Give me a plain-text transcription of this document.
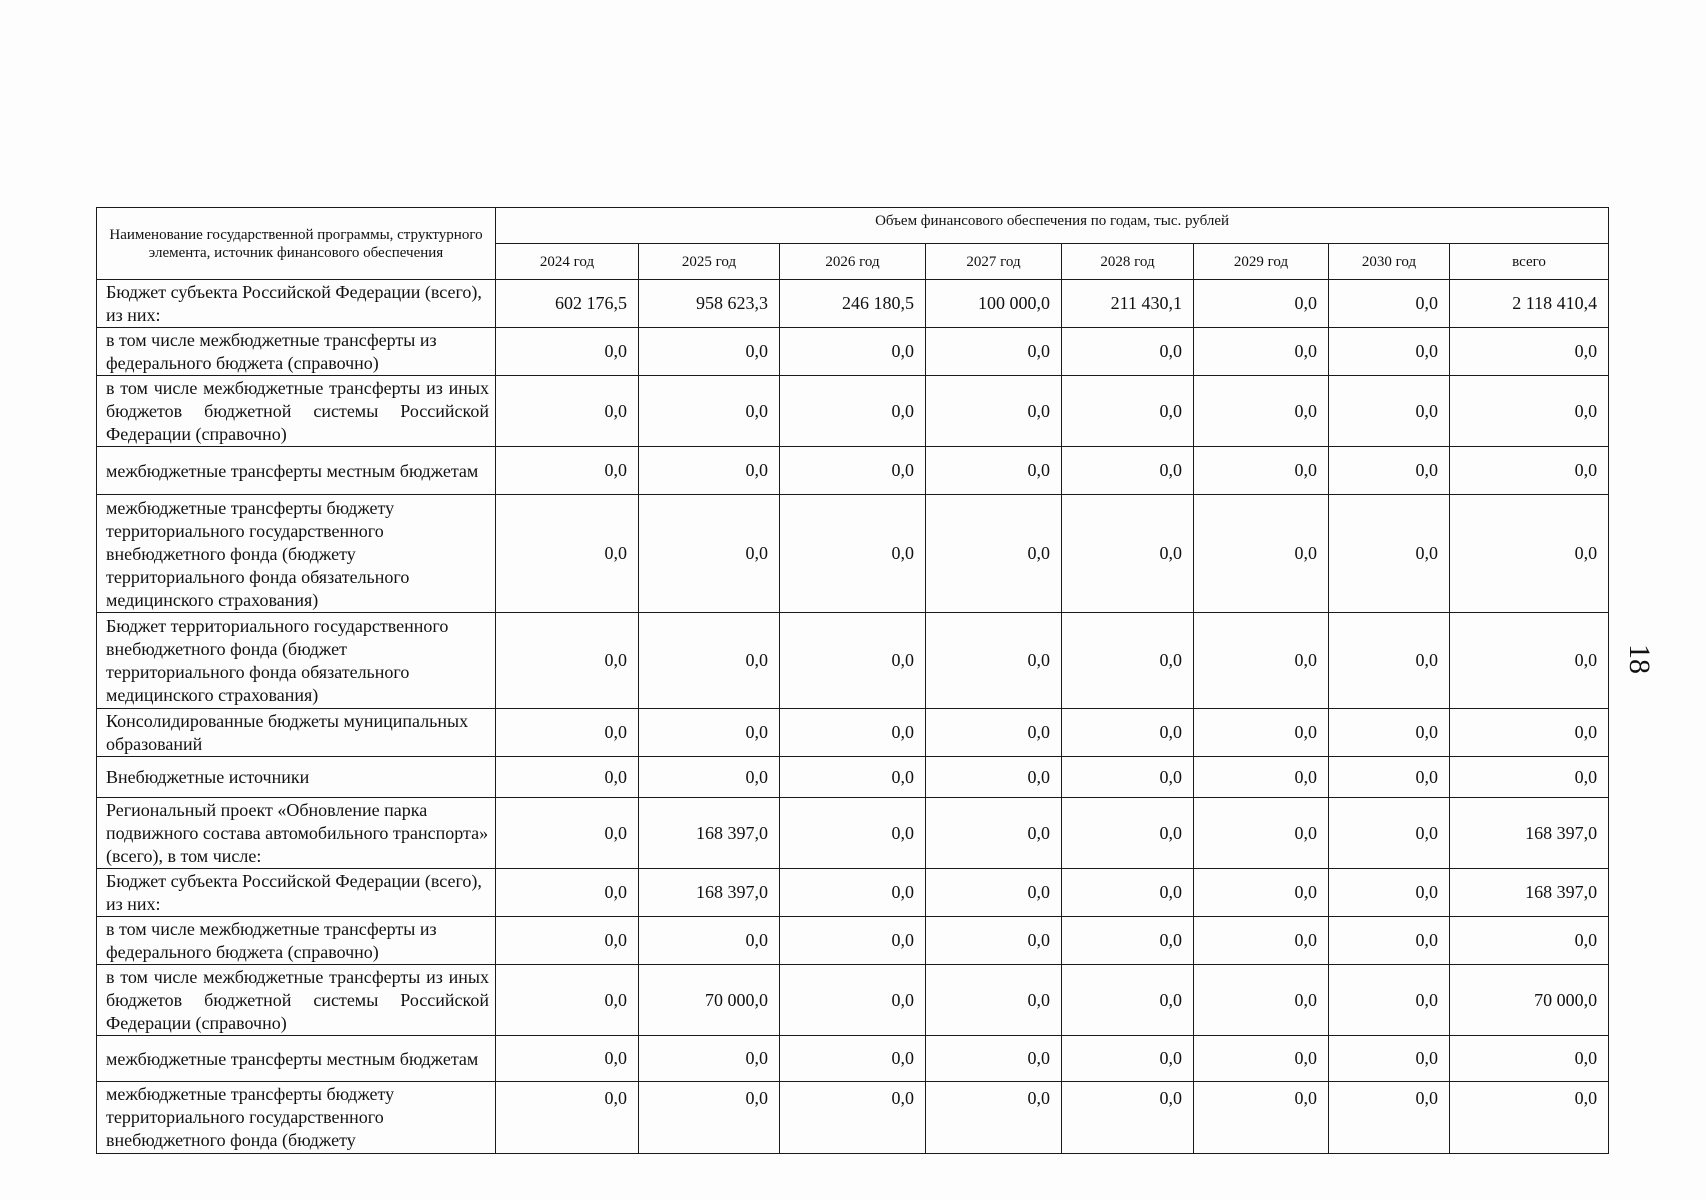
Наименование государственной программы, структурного элемента, источник финансового обеспечения	Объем финансового обеспечения по годам, тыс. рублей							
	2024 год	2025 год	2026 год	2027 год	2028 год	2029 год	2030 год	всего
Бюджет субъекта Российской Федерации (всего), из них:	602 176,5	958 623,3	246 180,5	100 000,0	211 430,1	0,0	0,0	2 118 410,4
в том числе межбюджетные трансферты из федерального бюджета (справочно)	0,0	0,0	0,0	0,0	0,0	0,0	0,0	0,0
в том числе межбюджетные трансферты из иных бюджетов бюджетной системы Российской Федерации (справочно)	0,0	0,0	0,0	0,0	0,0	0,0	0,0	0,0
межбюджетные трансферты местным бюджетам	0,0	0,0	0,0	0,0	0,0	0,0	0,0	0,0
межбюджетные трансферты бюджету территориального государственного внебюджетного фонда (бюджету территориального фонда обязательного медицинского страхования)	0,0	0,0	0,0	0,0	0,0	0,0	0,0	0,0
Бюджет территориального государственного внебюджетного фонда (бюджет территориального фонда обязательного медицинского страхования)	0,0	0,0	0,0	0,0	0,0	0,0	0,0	0,0
Консолидированные бюджеты муниципальных образований	0,0	0,0	0,0	0,0	0,0	0,0	0,0	0,0
Внебюджетные источники	0,0	0,0	0,0	0,0	0,0	0,0	0,0	0,0
Региональный проект «Обновление парка подвижного состава автомобильного транспорта» (всего), в том числе:	0,0	168 397,0	0,0	0,0	0,0	0,0	0,0	168 397,0
Бюджет субъекта Российской Федерации (всего), из них:	0,0	168 397,0	0,0	0,0	0,0	0,0	0,0	168 397,0
в том числе межбюджетные трансферты из федерального бюджета (справочно)	0,0	0,0	0,0	0,0	0,0	0,0	0,0	0,0
в том числе межбюджетные трансферты из иных бюджетов бюджетной системы Российской Федерации (справочно)	0,0	70 000,0	0,0	0,0	0,0	0,0	0,0	70 000,0
межбюджетные трансферты местным бюджетам	0,0	0,0	0,0	0,0	0,0	0,0	0,0	0,0
межбюджетные трансферты бюджету территориального государственного внебюджетного фонда (бюджету	0,0	0,0	0,0	0,0	0,0	0,0	0,0	0,0
18
